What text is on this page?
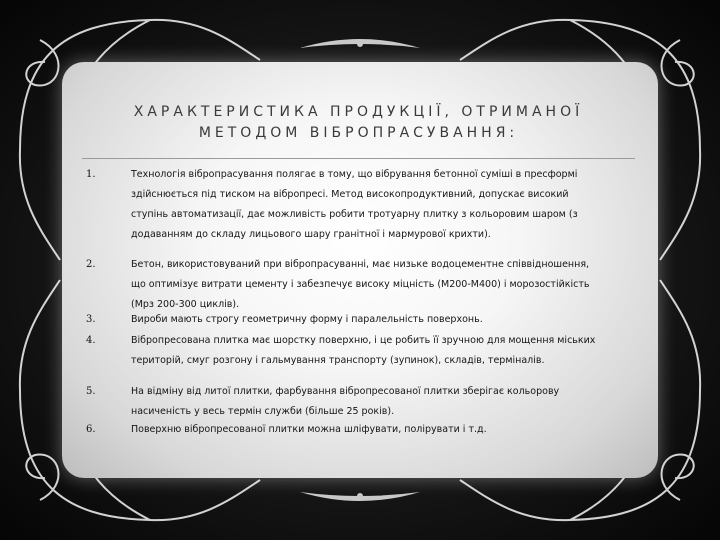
ХАРАКТЕРИСТИКА ПРОДУКЦІЇ, ОТРИМАНОЇ
МЕТОДОМ ВІБРОПРАСУВАННЯ:
1.	Технологія вібропрасування полягає в тому, що вібрування бетонної суміші в пресформі здійснюється під тиском на вібропресі. Метод високопродуктивний, допускає високий ступінь автоматизації, дає можливість робити тротуарну плитку з кольоровим шаром (з додаванням до складу лицьового шару гранітної і мармурової крихти).
2.	Бетон, використовуваний при вібропрасуванні, має низьке водоцементне співвідношення, що оптимізує витрати цементу і забезпечує високу міцність (М200-М400) і морозостійкість (Мрз 200-300 циклів).
3.	Вироби мають строгу геометричну форму і паралельність поверхонь.
4.	Вібропресована плитка має шорстку поверхню, і це робить її зручною для мощення міських територій, смуг розгону і гальмування транспорту (зупинок), складів, терміналів.
5.	На відміну від литої плитки, фарбування вібропресованої плитки зберігає кольорову насиченість у весь термін служби (більше 25 років).
6.	Поверхню вібропресованої плитки можна шліфувати, полірувати і т.д.
